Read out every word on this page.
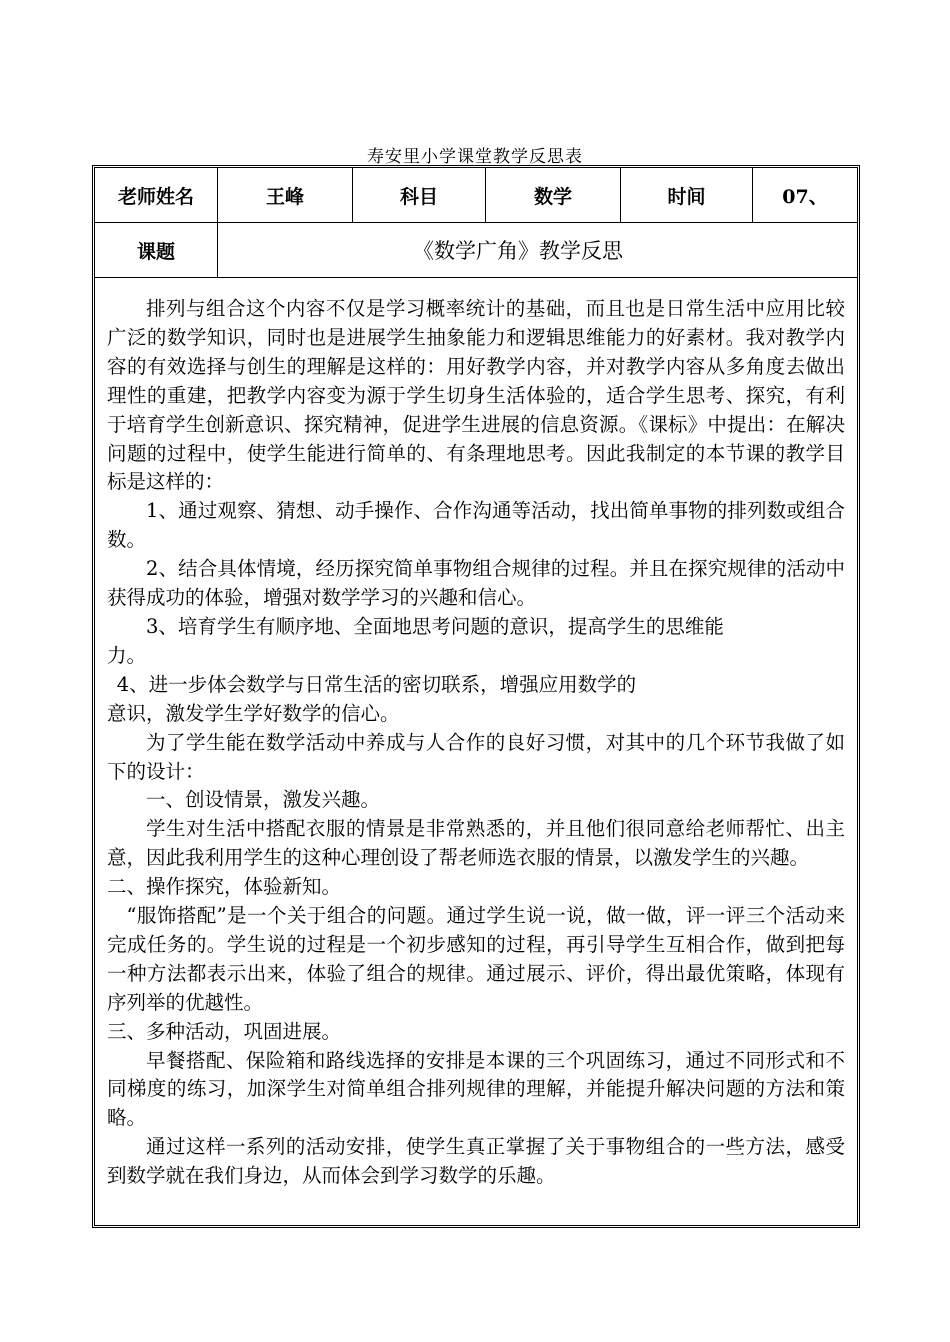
寿安里小学课堂教学反思表
老师姓名	王峰	科目	数学	时间	07、
课题	《数学广角》教学反思

排列与组合这个内容不仅是学习概率统计的基础，而且也是日常生活中应用比较广泛的数学知识，同时也是进展学生抽象能力和逻辑思维能力的好素材。我对教学内容的有效选择与创生的理解是这样的：用好教学内容，并对教学内容从多角度去做出理性的重建，把教学内容变为源于学生切身生活体验的，适合学生思考、探究，有利于培育学生创新意识、探究精神，促进学生进展的信息资源。《课标》中提出：在解决问题的过程中，使学生能进行简单的、有条理地思考。因此我制定的本节课的教学目标是这样的：

1、通过观察、猜想、动手操作、合作沟通等活动，找出简单事物的排列数或组合数。

2、结合具体情境，经历探究简单事物组合规律的过程。并且在探究规律的活动中获得成功的体验，增强对数学学习的兴趣和信心。

3、培育学生有顺序地、全面地思考问题的意识，提高学生的思维能

力。

4、进一步体会数学与日常生活的密切联系，增强应用数学的

意识，激发学生学好数学的信心。

为了学生能在数学活动中养成与人合作的良好习惯，对其中的几个环节我做了如下的设计：

一、创设情景，激发兴趣。

学生对生活中搭配衣服的情景是非常熟悉的，并且他们很同意给老师帮忙、出主意，因此我利用学生的这种心理创设了帮老师选衣服的情景，以激发学生的兴趣。

二、操作探究，体验新知。

“服饰搭配”是一个关于组合的问题。通过学生说一说，做一做，评一评三个活动来完成任务的。学生说的过程是一个初步感知的过程，再引导学生互相合作，做到把每一种方法都表示出来，体验了组合的规律。通过展示、评价，得出最优策略，体现有序列举的优越性。

三、多种活动，巩固进展。

早餐搭配、保险箱和路线选择的安排是本课的三个巩固练习，通过不同形式和不同梯度的练习，加深学生对简单组合排列规律的理解，并能提升解决问题的方法和策略。

通过这样一系列的活动安排，使学生真正掌握了关于事物组合的一些方法，感受到数学就在我们身边，从而体会到学习数学的乐趣。
